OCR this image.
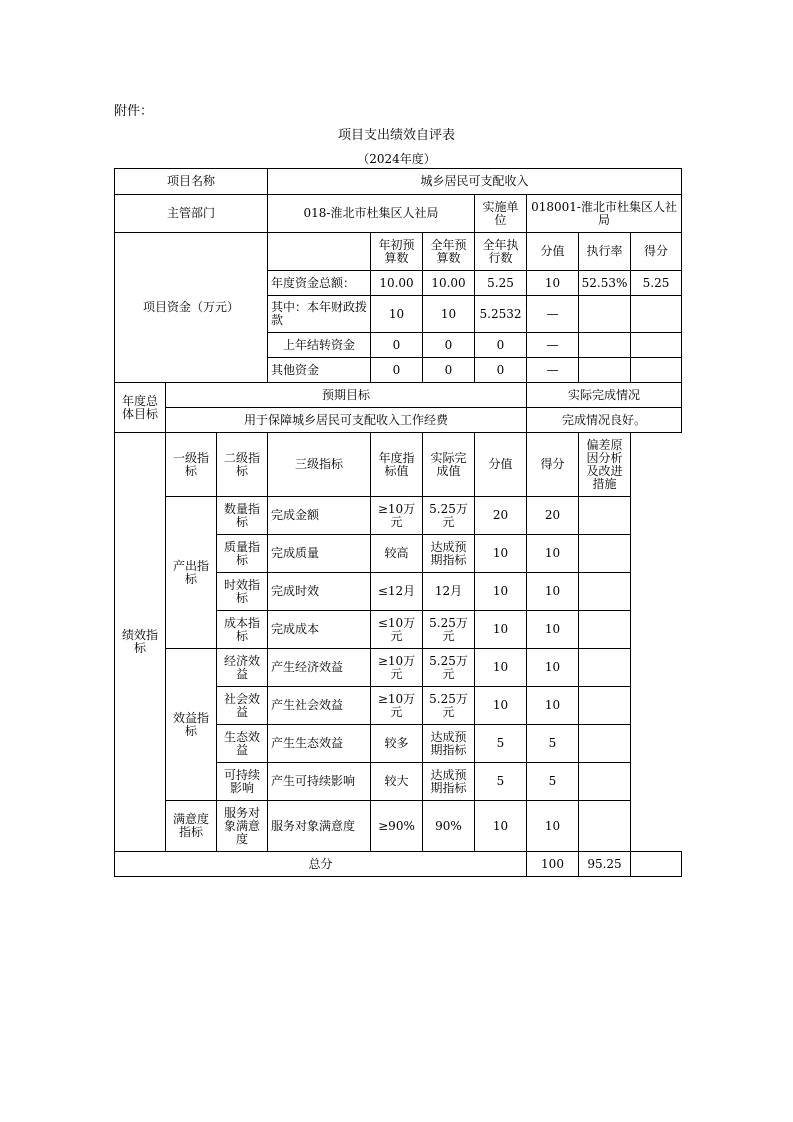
附件：
项目支出绩效自评表
（2024年度）
项目名称			城乡居民可支配收入						
主管部门			018-淮北市杜集区人社局			实施单位	018001-淮北市杜集区人社局		
项目资金（万元）				年初预算数	全年预算数	全年执行数	分值	执行率	得分
			年度资金总额：	10.00	10.00	5.25	10	52.53%	5.25
			其中：本年财政拨款	10	10	5.2532	—		
			上年结转资金	0	0	0	—		
			其他资金	0	0	0	—		
年度总体目标	预期目标						实际完成情况		
	用于保障城乡居民可支配收入工作经费						完成情况良好。		
绩效指标	一级指标	二级指标	三级指标	年度指标值	实际完成值	分值	得分	偏差原因分析及改进措施	
	产出指标	数量指标	完成金额	≥10万元	5.25万元	20	20		
		质量指标	完成质量	较高	达成预期指标	10	10		
		时效指标	完成时效	≤12月	12月	10	10		
		成本指标	完成成本	≤10万元	5.25万元	10	10		
	效益指标	经济效益	产生经济效益	≥10万元	5.25万元	10	10		
		社会效益	产生社会效益	≥10万元	5.25万元	10	10		
		生态效益	产生生态效益	较多	达成预期指标	5	5		
		可持续影响	产生可持续影响	较大	达成预期指标	5	5		
	满意度指标	服务对象满意度	服务对象满意度	≥90%	90%	10	10		
总分							100	95.25	
